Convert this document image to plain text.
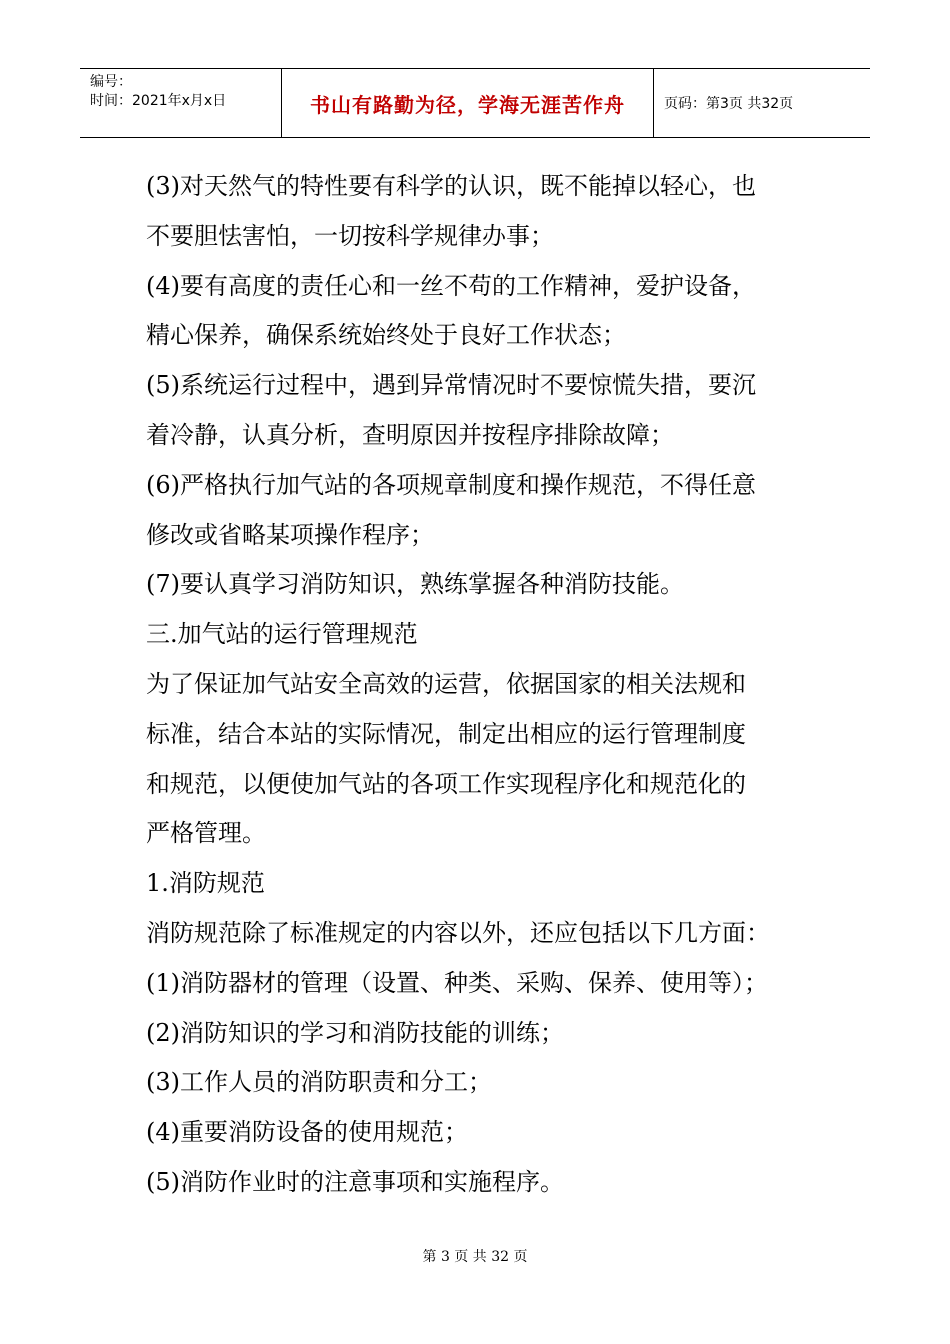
编号：
时间：2021年x月x日	书山有路勤为径，学海无涯苦作舟	页码：第3页 共32页

(3)对天然气的特性要有科学的认识，既不能掉以轻心，也

不要胆怯害怕，一切按科学规律办事；

(4)要有高度的责任心和一丝不苟的工作精神，爱护设备，

精心保养，确保系统始终处于良好工作状态；

(5)系统运行过程中，遇到异常情况时不要惊慌失措，要沉

着冷静，认真分析，查明原因并按程序排除故障；

(6)严格执行加气站的各项规章制度和操作规范，不得任意

修改或省略某项操作程序；

(7)要认真学习消防知识，熟练掌握各种消防技能。

三.加气站的运行管理规范

为了保证加气站安全高效的运营，依据国家的相关法规和

标准，结合本站的实际情况，制定出相应的运行管理制度

和规范，以便使加气站的各项工作实现程序化和规范化的

严格管理。

1.消防规范

消防规范除了标准规定的内容以外，还应包括以下几方面：

(1)消防器材的管理（设置、种类、采购、保养、使用等）；

(2)消防知识的学习和消防技能的训练；

(3)工作人员的消防职责和分工；

(4)重要消防设备的使用规范；

(5)消防作业时的注意事项和实施程序。

第 3 页 共 32 页
